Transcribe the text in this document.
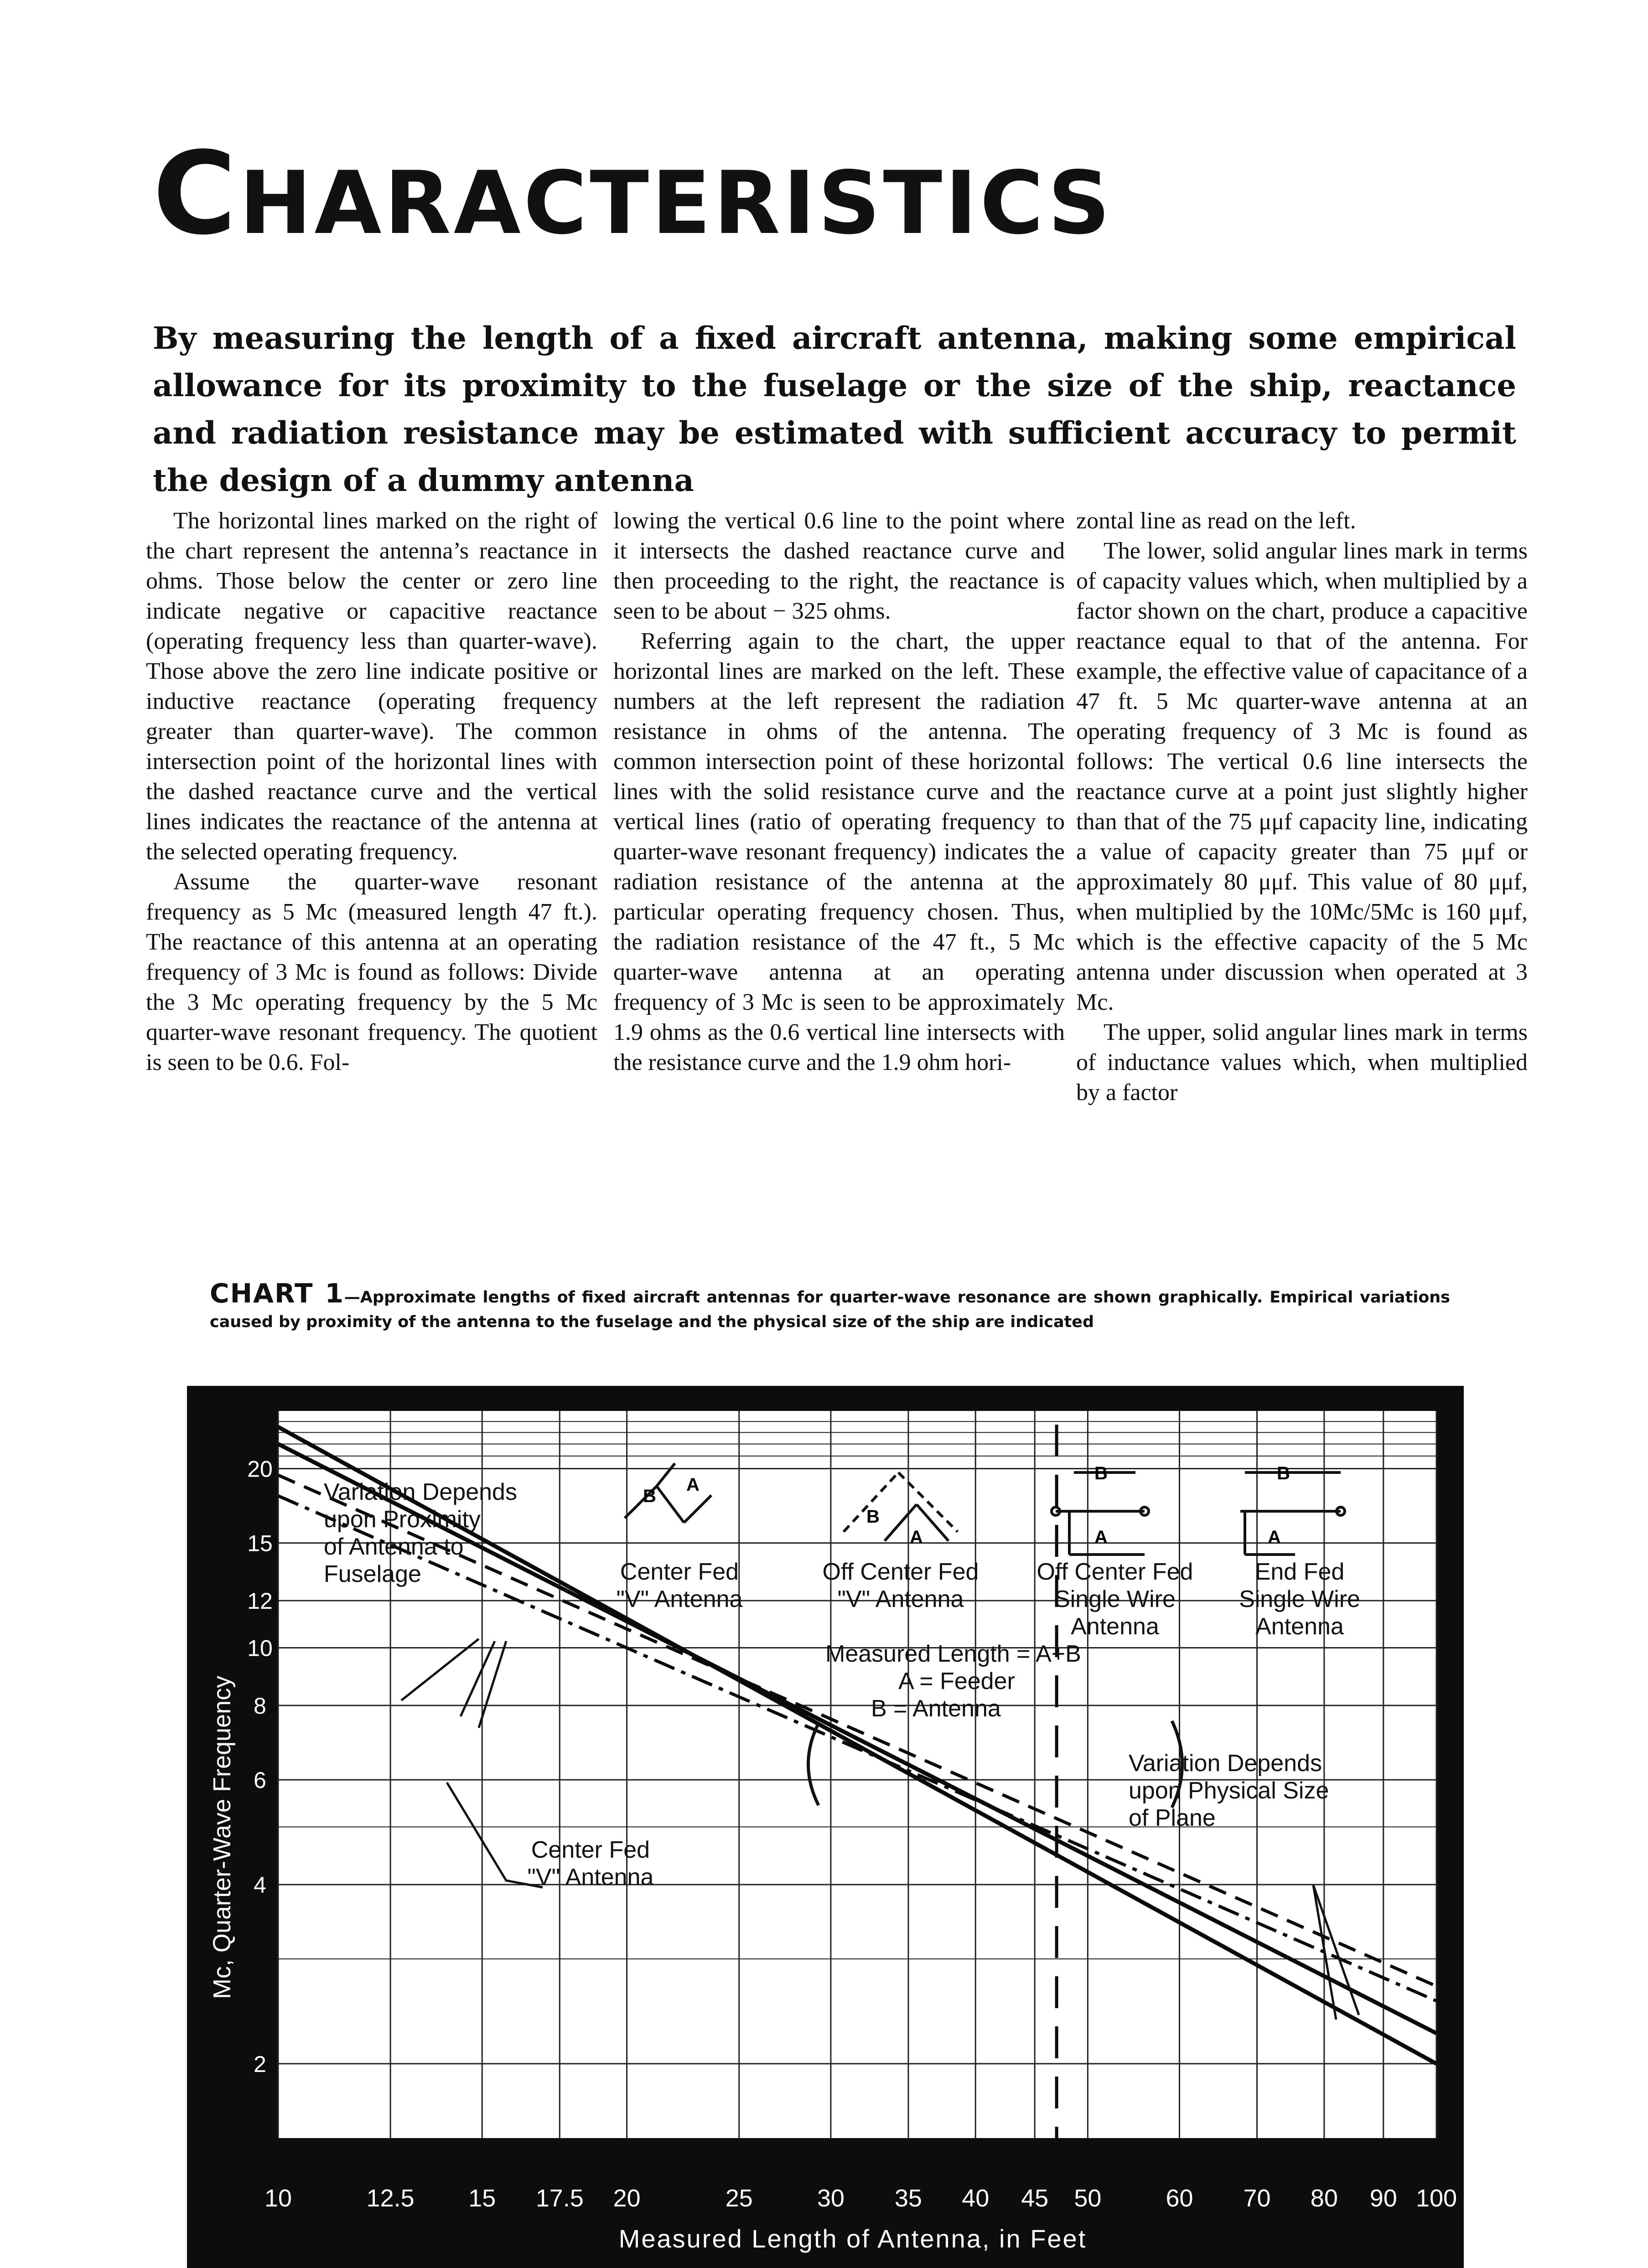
CHARACTERISTICS
By measuring the length of a fixed aircraft antenna, making some empirical allowance for its proximity to the fuselage or the size of the ship, reactance and radiation resistance may be estimated with sufficient accuracy to permit the design of a dummy antenna

The horizontal lines marked on the right of the chart represent the antenna’s reactance in ohms. Those below the center or zero line indicate negative or capacitive reactance (operating frequency less than quarter-wave). Those above the zero line indicate positive or inductive reactance (operating frequency greater than quarter-wave). The common intersection point of the horizontal lines with the dashed reactance curve and the vertical lines indicates the reactance of the antenna at the selected operating frequency.

Assume the quarter-wave resonant frequency as 5 Mc (measured length 47 ft.). The reactance of this antenna at an operating frequency of 3 Mc is found as follows: Divide the 3 Mc operating frequency by the 5 Mc quarter-wave resonant frequency. The quotient is seen to be 0.6. Fol-

lowing the vertical 0.6 line to the point where it intersects the dashed reactance curve and then proceeding to the right, the reactance is seen to be about − 325 ohms.

Referring again to the chart, the upper horizontal lines are marked on the left. These numbers at the left represent the radiation resistance in ohms of the antenna. The common intersection point of these horizontal lines with the solid resistance curve and the vertical lines (ratio of operating frequency to quarter-wave resonant frequency) indicates the radiation resistance of the antenna at the particular operating frequency chosen. Thus, the radiation resistance of the 47 ft., 5 Mc quarter-wave antenna at an operating frequency of 3 Mc is seen to be approximately 1.9 ohms as the 0.6 vertical line intersects with the resistance curve and the 1.9 ohm hori-

zontal line as read on the left.

The lower, solid angular lines mark in terms of capacity values which, when multiplied by a factor shown on the chart, produce a capacitive reactance equal to that of the antenna. For example, the effective value of capacitance of a 47 ft. 5 Mc quarter-wave antenna at an operating frequency of 3 Mc is found as follows: The vertical 0.6 line intersects the reactance curve at a point just slightly higher than that of the 75 μμf capacity line, indicating a value of capacity greater than 75 μμf or approximately 80 μμf. This value of 80 μμf, when multiplied by the 10Mc/5Mc is 160 μμf, which is the effective capacity of the 5 Mc antenna under discussion when operated at 3 Mc.

The upper, solid angular lines mark in terms of inductance values which, when multiplied by a factor

CHART 1—Approximate lengths of fixed aircraft antennas for quarter-wave resonance are shown graphically. Empirical variations caused by proximity of the antenna to the fuselage and the physical size of the ship are indicated
B
A
B
A
B
A
B
A
Variation Depends
upon Proximity
of Antenna to
Fuselage	Center Fed
"V" Antenna
Off Center Fed
"V" Antenna
Off Center Fed
Single Wire
Antenna
End Fed
Single Wire
Antenna
Measured Length = A+B
A = Feeder
B = Antenna
Variation Depends
upon Physical Size
of Plane
Center Fed
"V" Antenna
Mc, Quarter-Wave Frequency
Measured Length of Antenna, in Feet
10	12.5 15 17.5 20	25	30 35 40 45 50	60 70 80 90 100
20
15
12
10
8
6
4
2
